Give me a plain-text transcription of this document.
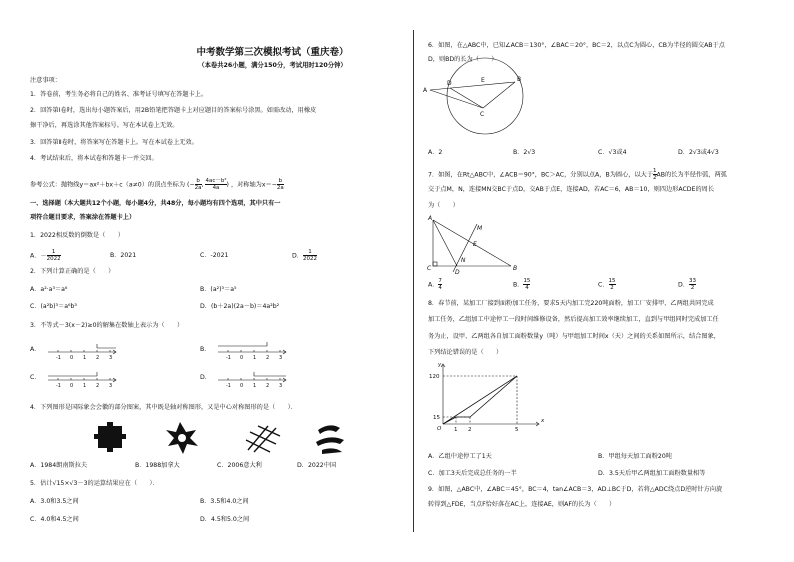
中考数学第三次模拟考试（重庆卷）
（本卷共26小题，满分150分，考试用时120分钟）
注意事项：
1．答卷前，考生务必将自己的姓名、准考证号填写在答题卡上。
2．回答第Ⅰ卷时，选出每小题答案后，用2B铅笔把答题卡上对应题目的答案标号涂黑。如需改动，用橡皮
擦干净后，再选涂其他答案标号。写在本试卷上无效。
3．回答第Ⅱ卷时，将答案写在答题卡上。写在本试卷上无效。
4．考试结束后，将本试卷和答题卡一并交回。
参考公式：抛物线y＝ax²＋bx＋c（a≠0）的顶点坐标为 (− $\frac{b}{2a}$ , $\frac{\text{4ac－b²}}{4a}$ ) ，对称轴为$x=- \frac{b}{2a}$
一、选择题（本大题共12个小题，每小题4分，共48分，每小题均有四个选项，其中只有一
项符合题目要求，答案涂在答题卡上）
1．2022相反数的倒数是（　　）
A．－ $\frac{1}{2022}$	B．2021	C．-2021	D． $\frac{1}{2022}$
2．下列计算正确的是（　　）
A．a²·a³＝a⁶	B．(a²)³＝a⁵
C．(a²b)³＝a⁶b³	D．(b＋2a)(2a－b)＝4a²b²
3．不等式－3(x－2)≥0的解集在数轴上表示为（　　）
A．	B．
C．	D．
-1 0 1 2 3	-1 0 1 2 3
-1 0 1 2 3	-1 0 1 2 3
4．下列图形是国际象会会徽的部分图案，其中既是轴对称图形，又是中心对称图形的是（　　）．
A．1984朗南斯拉夫	B．1988加拿大	C．2006意大利	D．2022中国
5．估计√15×√3－3的运算结果应在（　　）．
A．3.0和3.5之间	B．3.5和4.0之间
C．4.0和4.5之间	D．4.5和5.0之间
6．如图，在△ABC中，已知∠ACB＝130°，∠BAC＝20°，BC＝2，以点C为圆心，CB为半径的圆交AB于点
D，则BD的长为（　　）
A
B
C
D	E
A．2	B．2√3	C．√3或4	D．2√3或4√3
7．如图，在Rt△ABC中，∠ACB＝90°，BC＞AC，分别以点A，B为圆心，以大于 $\frac{1}{2}$ AB的长为半径作弧，两弧
交于点M，N，连接MN交BC于点D，交AB于点E，连接AD，若AC＝6，AB＝10，则四边形ACDE的周长
为（　　）
A
B
C
D
E
M
N
A． $\frac{7}{4}$	B． $\frac{15}{4}$	C． $\frac{15}{2}$	D． $\frac{33}{2}$
8．春节前，某加工厂接到面粉加工任务，要求5天内加工完220吨面粉，加工厂安排甲、乙两组共同完成
加工任务，乙组加工中途停工一段时间维修设备，然后提高加工效率继续加工，直到与甲组同时完成加工任
务为止，设甲、乙两组各自加工面粉数量y（吨）与甲组加工时间x（天）之间的关系如图所示，结合图象，
下列结论错误的是（　　）
y
x
O
120
15
1 2	5
A．乙组中途停工了1天	B．甲组每天加工面粉20吨
C．加工3天后完成总任务的一半	D．3.5天后甲乙两组加工面粉数量相等
9．如图，△ABC中，∠ABC＝45°，BC＝4，tan∠ACB＝3，AD⊥BC于D，若将△ADC绕点D逆时针方向旋
转得到△FDE，当点F恰好落在AC上，连接AE，则AF的长为（　　）
